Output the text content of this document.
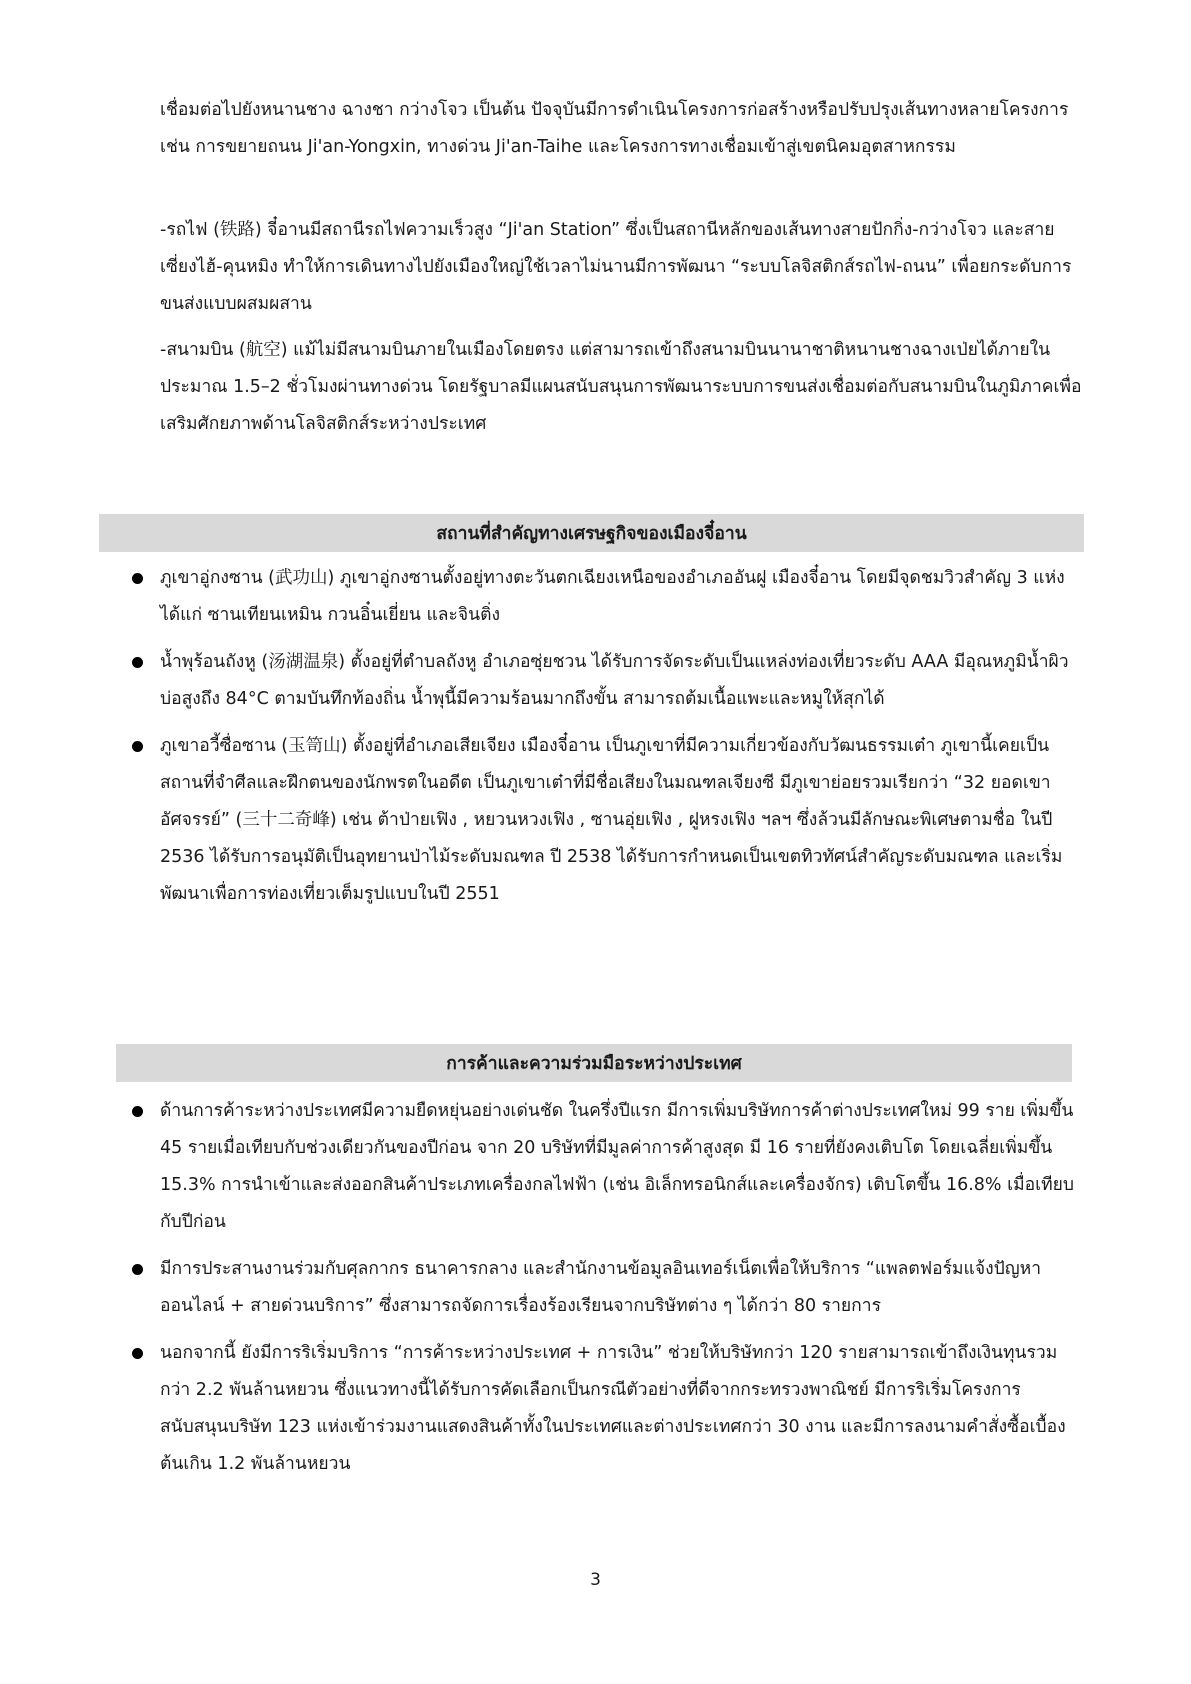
เชื่อมต่อไปยังหนานชาง ฉางชา กว่างโจว เป็นต้น ปัจจุบันมีการดำเนินโครงการก่อสร้างหรือปรับปรุงเส้นทางหลายโครงการ เช่น การขยายถนน Ji'an-Yongxin, ทางด่วน Ji'an-Taihe และโครงการทางเชื่อมเข้าสู่เขตนิคมอุตสาหกรรม

-รถไฟ (铁路) จี๋อานมีสถานีรถไฟความเร็วสูง “Ji'an Station” ซึ่งเป็นสถานีหลักของเส้นทางสายปักกิ่ง-กว่างโจว และสายเซี่ยงไฮ้-คุนหมิง ทำให้การเดินทางไปยังเมืองใหญ่ใช้เวลาไม่นานมีการพัฒนา “ระบบโลจิสติกส์รถไฟ-ถนน” เพื่อยกระดับการขนส่งแบบผสมผสาน

-สนามบิน (航空) แม้ไม่มีสนามบินภายในเมืองโดยตรง แต่สามารถเข้าถึงสนามบินนานาชาติหนานชางฉางเป่ยได้ภายในประมาณ 1.5–2 ชั่วโมงผ่านทางด่วน โดยรัฐบาลมีแผนสนับสนุนการพัฒนาระบบการขนส่งเชื่อมต่อกับสนามบินในภูมิภาคเพื่อเสริมศักยภาพด้านโลจิสติกส์ระหว่างประเทศ

สถานที่สำคัญทางเศรษฐกิจของเมืองจี๋อาน
ภูเขาอู่กงซาน (武功山) ภูเขาอู่กงซานตั้งอยู่ทางตะวันตกเฉียงเหนือของอำเภออันฝู เมืองจี๋อาน โดยมีจุดชมวิวสำคัญ 3 แห่ง ได้แก่ ซานเทียนเหมิน กวนอิ๋นเยี่ยน และจินติ่ง
น้ำพุร้อนถังหู (汤湖温泉) ตั้งอยู่ที่ตำบลถังหู อำเภอซุ่ยชวน ได้รับการจัดระดับเป็นแหล่งท่องเที่ยวระดับ AAA มีอุณหภูมิน้ำผิวบ่อสูงถึง 84°C ตามบันทึกท้องถิ่น น้ำพุนี้มีความร้อนมากถึงขั้น สามารถต้มเนื้อแพะและหมูให้สุกได้
ภูเขาอวี้ซื่อซาน (玉笥山) ตั้งอยู่ที่อำเภอเสียเจียง เมืองจี๋อาน เป็นภูเขาที่มีความเกี่ยวข้องกับวัฒนธรรมเต๋า ภูเขานี้เคยเป็นสถานที่จำศีลและฝึกตนของนักพรตในอดีต เป็นภูเขาเต๋าที่มีชื่อเสียงในมณฑลเจียงซี มีภูเขาย่อยรวมเรียกว่า “32 ยอดเขาอัศจรรย์” (三十二奇峰) เช่น ต้าป่ายเฟิง , หยวนหวงเฟิง , ซานอุ่ยเฟิง , ฝูหรงเฟิง ฯลฯ ซึ่งล้วนมีลักษณะพิเศษตามชื่อ ในปี 2536 ได้รับการอนุมัติเป็นอุทยานป่าไม้ระดับมณฑล ปี 2538 ได้รับการกำหนดเป็นเขตทิวทัศน์สำคัญระดับมณฑล และเริ่มพัฒนาเพื่อการท่องเที่ยวเต็มรูปแบบในปี 2551
การค้าและความร่วมมือระหว่างประเทศ
ด้านการค้าระหว่างประเทศมีความยืดหยุ่นอย่างเด่นชัด ในครึ่งปีแรก มีการเพิ่มบริษัทการค้าต่างประเทศใหม่ 99 ราย เพิ่มขึ้น 45 รายเมื่อเทียบกับช่วงเดียวกันของปีก่อน จาก 20 บริษัทที่มีมูลค่าการค้าสูงสุด มี 16 รายที่ยังคงเติบโต โดยเฉลี่ยเพิ่มขึ้น 15.3% การนำเข้าและส่งออกสินค้าประเภทเครื่องกลไฟฟ้า (เช่น อิเล็กทรอนิกส์และเครื่องจักร) เติบโตขึ้น 16.8% เมื่อเทียบกับปีก่อน
มีการประสานงานร่วมกับศุลกากร ธนาคารกลาง และสำนักงานข้อมูลอินเทอร์เน็ตเพื่อให้บริการ “แพลตฟอร์มแจ้งปัญหาออนไลน์ + สายด่วนบริการ” ซึ่งสามารถจัดการเรื่องร้องเรียนจากบริษัทต่าง ๆ ได้กว่า 80 รายการ
นอกจากนี้ ยังมีการริเริ่มบริการ “การค้าระหว่างประเทศ + การเงิน” ช่วยให้บริษัทกว่า 120 รายสามารถเข้าถึงเงินทุนรวมกว่า 2.2 พันล้านหยวน ซึ่งแนวทางนี้ได้รับการคัดเลือกเป็นกรณีตัวอย่างที่ดีจากกระทรวงพาณิชย์ มีการริเริ่มโครงการสนับสนุนบริษัท 123 แห่งเข้าร่วมงานแสดงสินค้าทั้งในประเทศและต่างประเทศกว่า 30 งาน และมีการลงนามคำสั่งซื้อเบื้องต้นเกิน 1.2 พันล้านหยวน
3
